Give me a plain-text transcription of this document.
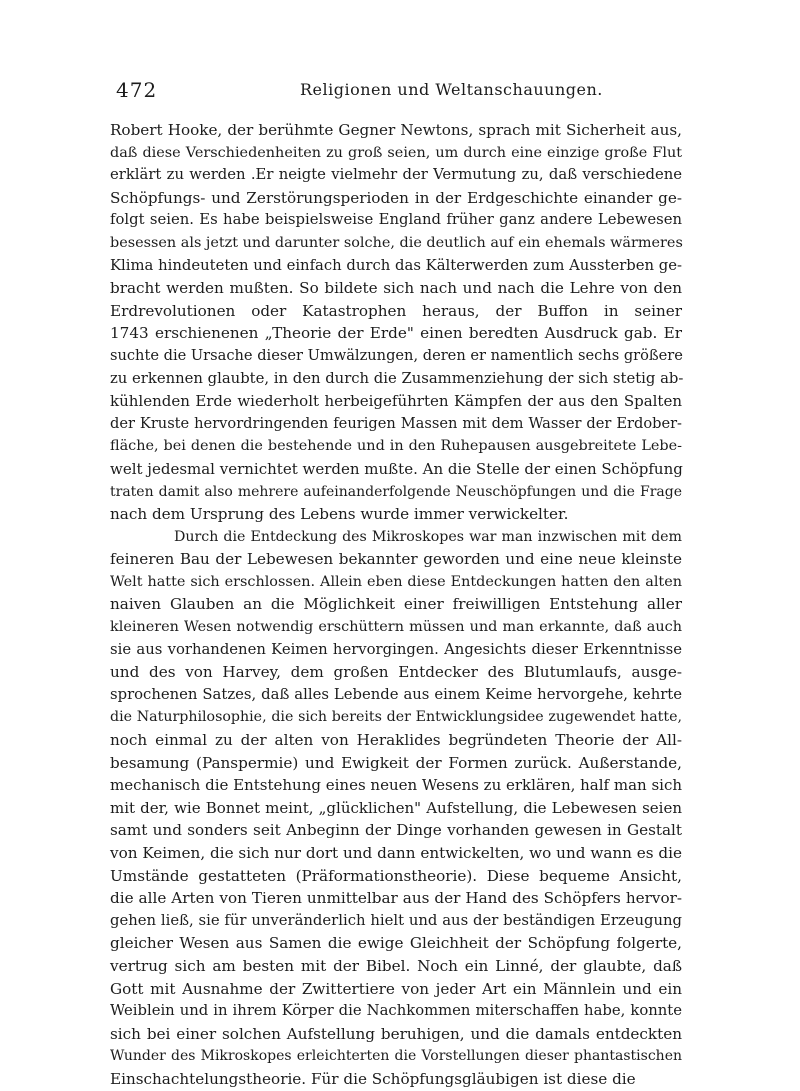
472	Religionen und Weltanschauungen.
Robert Hooke, der berühmte Gegner Newtons, sprach mit Sicherheit aus,
daß diese Verschiedenheiten zu groß seien, um durch eine einzige große Flut
erklärt zu werden .Er neigte vielmehr der Vermutung zu, daß verschiedene
Schöpfungs- und Zerstörungsperioden in der Erdgeschichte einander ge-
folgt seien. Es habe beispielsweise England früher ganz andere Lebewesen
besessen als jetzt und darunter solche, die deutlich auf ein ehemals wärmeres
Klima hindeuteten und einfach durch das Kälterwerden zum Aussterben ge-
bracht werden mußten. So bildete sich nach und nach die Lehre von den
Erdrevolutionen oder Katastrophen heraus, der Buffon in seiner
1743 erschienenen „Theorie der Erde" einen beredten Ausdruck gab. Er
suchte die Ursache dieser Umwälzungen, deren er namentlich sechs größere
zu erkennen glaubte, in den durch die Zusammenziehung der sich stetig ab-
kühlenden Erde wiederholt herbeigeführten Kämpfen der aus den Spalten
der Kruste hervordringenden feurigen Massen mit dem Wasser der Erdober-
fläche, bei denen die bestehende und in den Ruhepausen ausgebreitete Lebe-
welt jedesmal vernichtet werden mußte. An die Stelle der einen Schöpfung
traten damit also mehrere aufeinanderfolgende Neuschöpfungen und die Frage
nach dem Ursprung des Lebens wurde immer verwickelter.
Durch die Entdeckung des Mikroskopes war man inzwischen mit dem
feineren Bau der Lebewesen bekannter geworden und eine neue kleinste
Welt hatte sich erschlossen. Allein eben diese Entdeckungen hatten den alten
naiven Glauben an die Möglichkeit einer freiwilligen Entstehung aller
kleineren Wesen notwendig erschüttern müssen und man erkannte, daß auch
sie aus vorhandenen Keimen hervorgingen. Angesichts dieser Erkenntnisse
und des von Harvey, dem großen Entdecker des Blutumlaufs, ausge-
sprochenen Satzes, daß alles Lebende aus einem Keime hervorgehe, kehrte
die Naturphilosophie, die sich bereits der Entwicklungsidee zugewendet hatte,
noch einmal zu der alten von Heraklides begründeten Theorie der All-
besamung (Panspermie) und Ewigkeit der Formen zurück. Außerstande,
mechanisch die Entstehung eines neuen Wesens zu erklären, half man sich
mit der, wie Bonnet meint, „glücklichen" Aufstellung, die Lebewesen seien
samt und sonders seit Anbeginn der Dinge vorhanden gewesen in Gestalt
von Keimen, die sich nur dort und dann entwickelten, wo und wann es die
Umstände gestatteten (Präformationstheorie). Diese bequeme Ansicht,
die alle Arten von Tieren unmittelbar aus der Hand des Schöpfers hervor-
gehen ließ, sie für unveränderlich hielt und aus der beständigen Erzeugung
gleicher Wesen aus Samen die ewige Gleichheit der Schöpfung folgerte,
vertrug sich am besten mit der Bibel. Noch ein Linné, der glaubte, daß
Gott mit Ausnahme der Zwittertiere von jeder Art ein Männlein und ein
Weiblein und in ihrem Körper die Nachkommen miterschaffen habe, konnte
sich bei einer solchen Aufstellung beruhigen, und die damals entdeckten
Wunder des Mikroskopes erleichterten die Vorstellungen dieser phantastischen
Einschachtelungstheorie. Für die Schöpfungsgläubigen ist diese die
